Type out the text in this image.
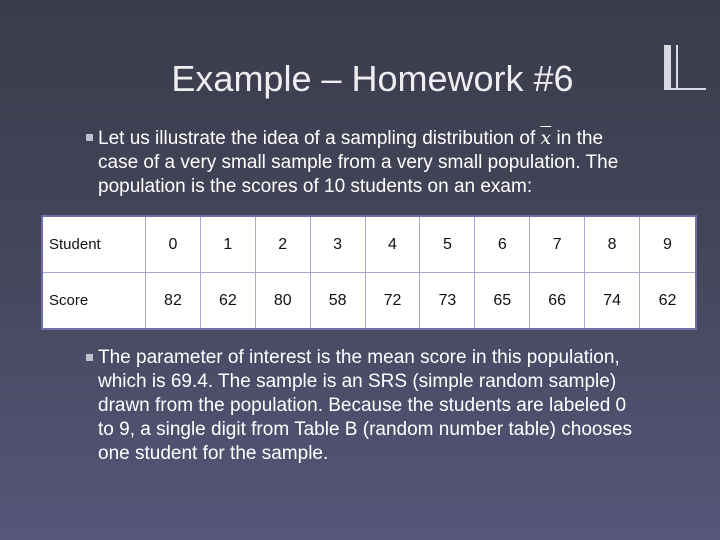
Example – Homework #6
Let us illustrate the idea of a sampling distribution of $\overline{x}$ in the case of a very small sample from a very small population. The population is the scores of 10 students on an exam:
Student	0	1	2	3	4	5	6	7	8	9
Score	82	62	80	58	72	73	65	66	74	62
The parameter of interest is the mean score in this population, which is 69.4. The sample is an SRS (simple random sample) drawn from the population. Because the students are labeled 0 to 9, a single digit from Table B (random number table) chooses one student for the sample.
